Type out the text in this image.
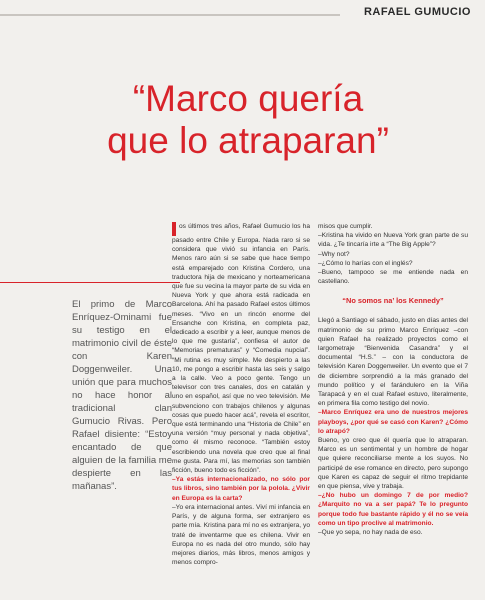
RAFAEL GUMUCIO
“Marco quería
que lo atraparan”
El primo de Marco Enríquez-Ominami fue su testigo en el matrimonio civil de éste con Karen Doggenweiler. Una unión que para muchos no hace honor al tradicional clan Gumucio Rivas. Pero Rafael disiente: “Estoy encantado de que alguien de la familia me despierte en las mañanas”.

os últimos tres años, Rafael Gumucio los ha pasado entre Chile y Europa. Nada raro si se considera que vivió su infancia en París. Menos raro aún si se sabe que hace tiempo está emparejado con Kristina Cordero, una traductora hija de mexicano y norteamericana que fue su vecina la mayor parte de su vida en Nueva York y que ahora está radicada en Barcelona. Ahí ha pasado Rafael estos últimos meses. “Vivo en un rincón enorme del Ensanche con Kristina, en completa paz, dedicado a escribir y a leer, aunque menos de lo que me gustaría”, confiesa el autor de “Memorias prematuras” y “Comedia nupcial”. “Mi rutina es muy simple. Me despierto a las 10, me pongo a escribir hasta las seis y salgo a la calle. Veo a poco gente. Tengo un televisor con tres canales, dos en catalán y uno en español, así que no veo televisión. Me subvenciono con trabajos chilenos y algunas cosas que puedo hacer acá”, revela el escritor, que está terminando una “Historia de Chile” en una versión “muy personal y nada objetiva”, como él mismo reconoce. “También estoy escribiendo una novela que creo que al final me gusta. Para mí, las memorias son también ficción, bueno todo es ficción”.

–Ya estás internacionalizado, no sólo por tus libros, sino también por la polola. ¿Vivir en Europa es la carta?

–Yo era internacional antes. Viví mi infancia en París, y de alguna forma, ser extranjero es parte mía. Kristina para mí no es extranjera, yo traté de inventarme que es chilena. Vivir en Europa no es nada del otro mundo, sólo hay mejores diarios, más libros, menos amigos y menos compro-

misos que cumplir.

–Kristina ha vivido en Nueva York gran parte de su vida. ¿Te tincaría irte a “The Big Apple”?

–Why not?

–¿Cómo lo harías con el inglés?

–Bueno, tampoco se me entiende nada en castellano.

“No somos na’ los Kennedy”

Llegó a Santiago el sábado, justo en días antes del matrimonio de su primo Marco Enríquez –con quien Rafael ha realizado proyectos como el largometraje “Bienvenida Casandra” y el documental “H.S.” – con la conductora de televisión Karen Doggenweiler. Un evento que el 7 de diciembre sorprendió a la más granado del mundo político y el farándulero en la Viña Tarapacá y en el cual Rafael estuvo, literalmente, en primera fila como testigo del novio.

–Marco Enríquez era uno de nuestros mejores playboys, ¿por qué se casó con Karen? ¿Cómo lo atrapó?

Bueno, yo creo que él quería que lo atraparan. Marco es un sentimental y un hombre de hogar que quiere reconciliarse mente a los suyos. No participé de ese romance en directo, pero supongo que Karen es capaz de seguir el ritmo trepidante en que piensa, vive y trabaja.

–¿No hubo un domingo 7 de por medio? ¿Marquito no va a ser papá? Te lo pregunto porque todo fue bastante rápido y él no se veía como un tipo proclive al matrimonio.

–Que yo sepa, no hay nada de eso.
